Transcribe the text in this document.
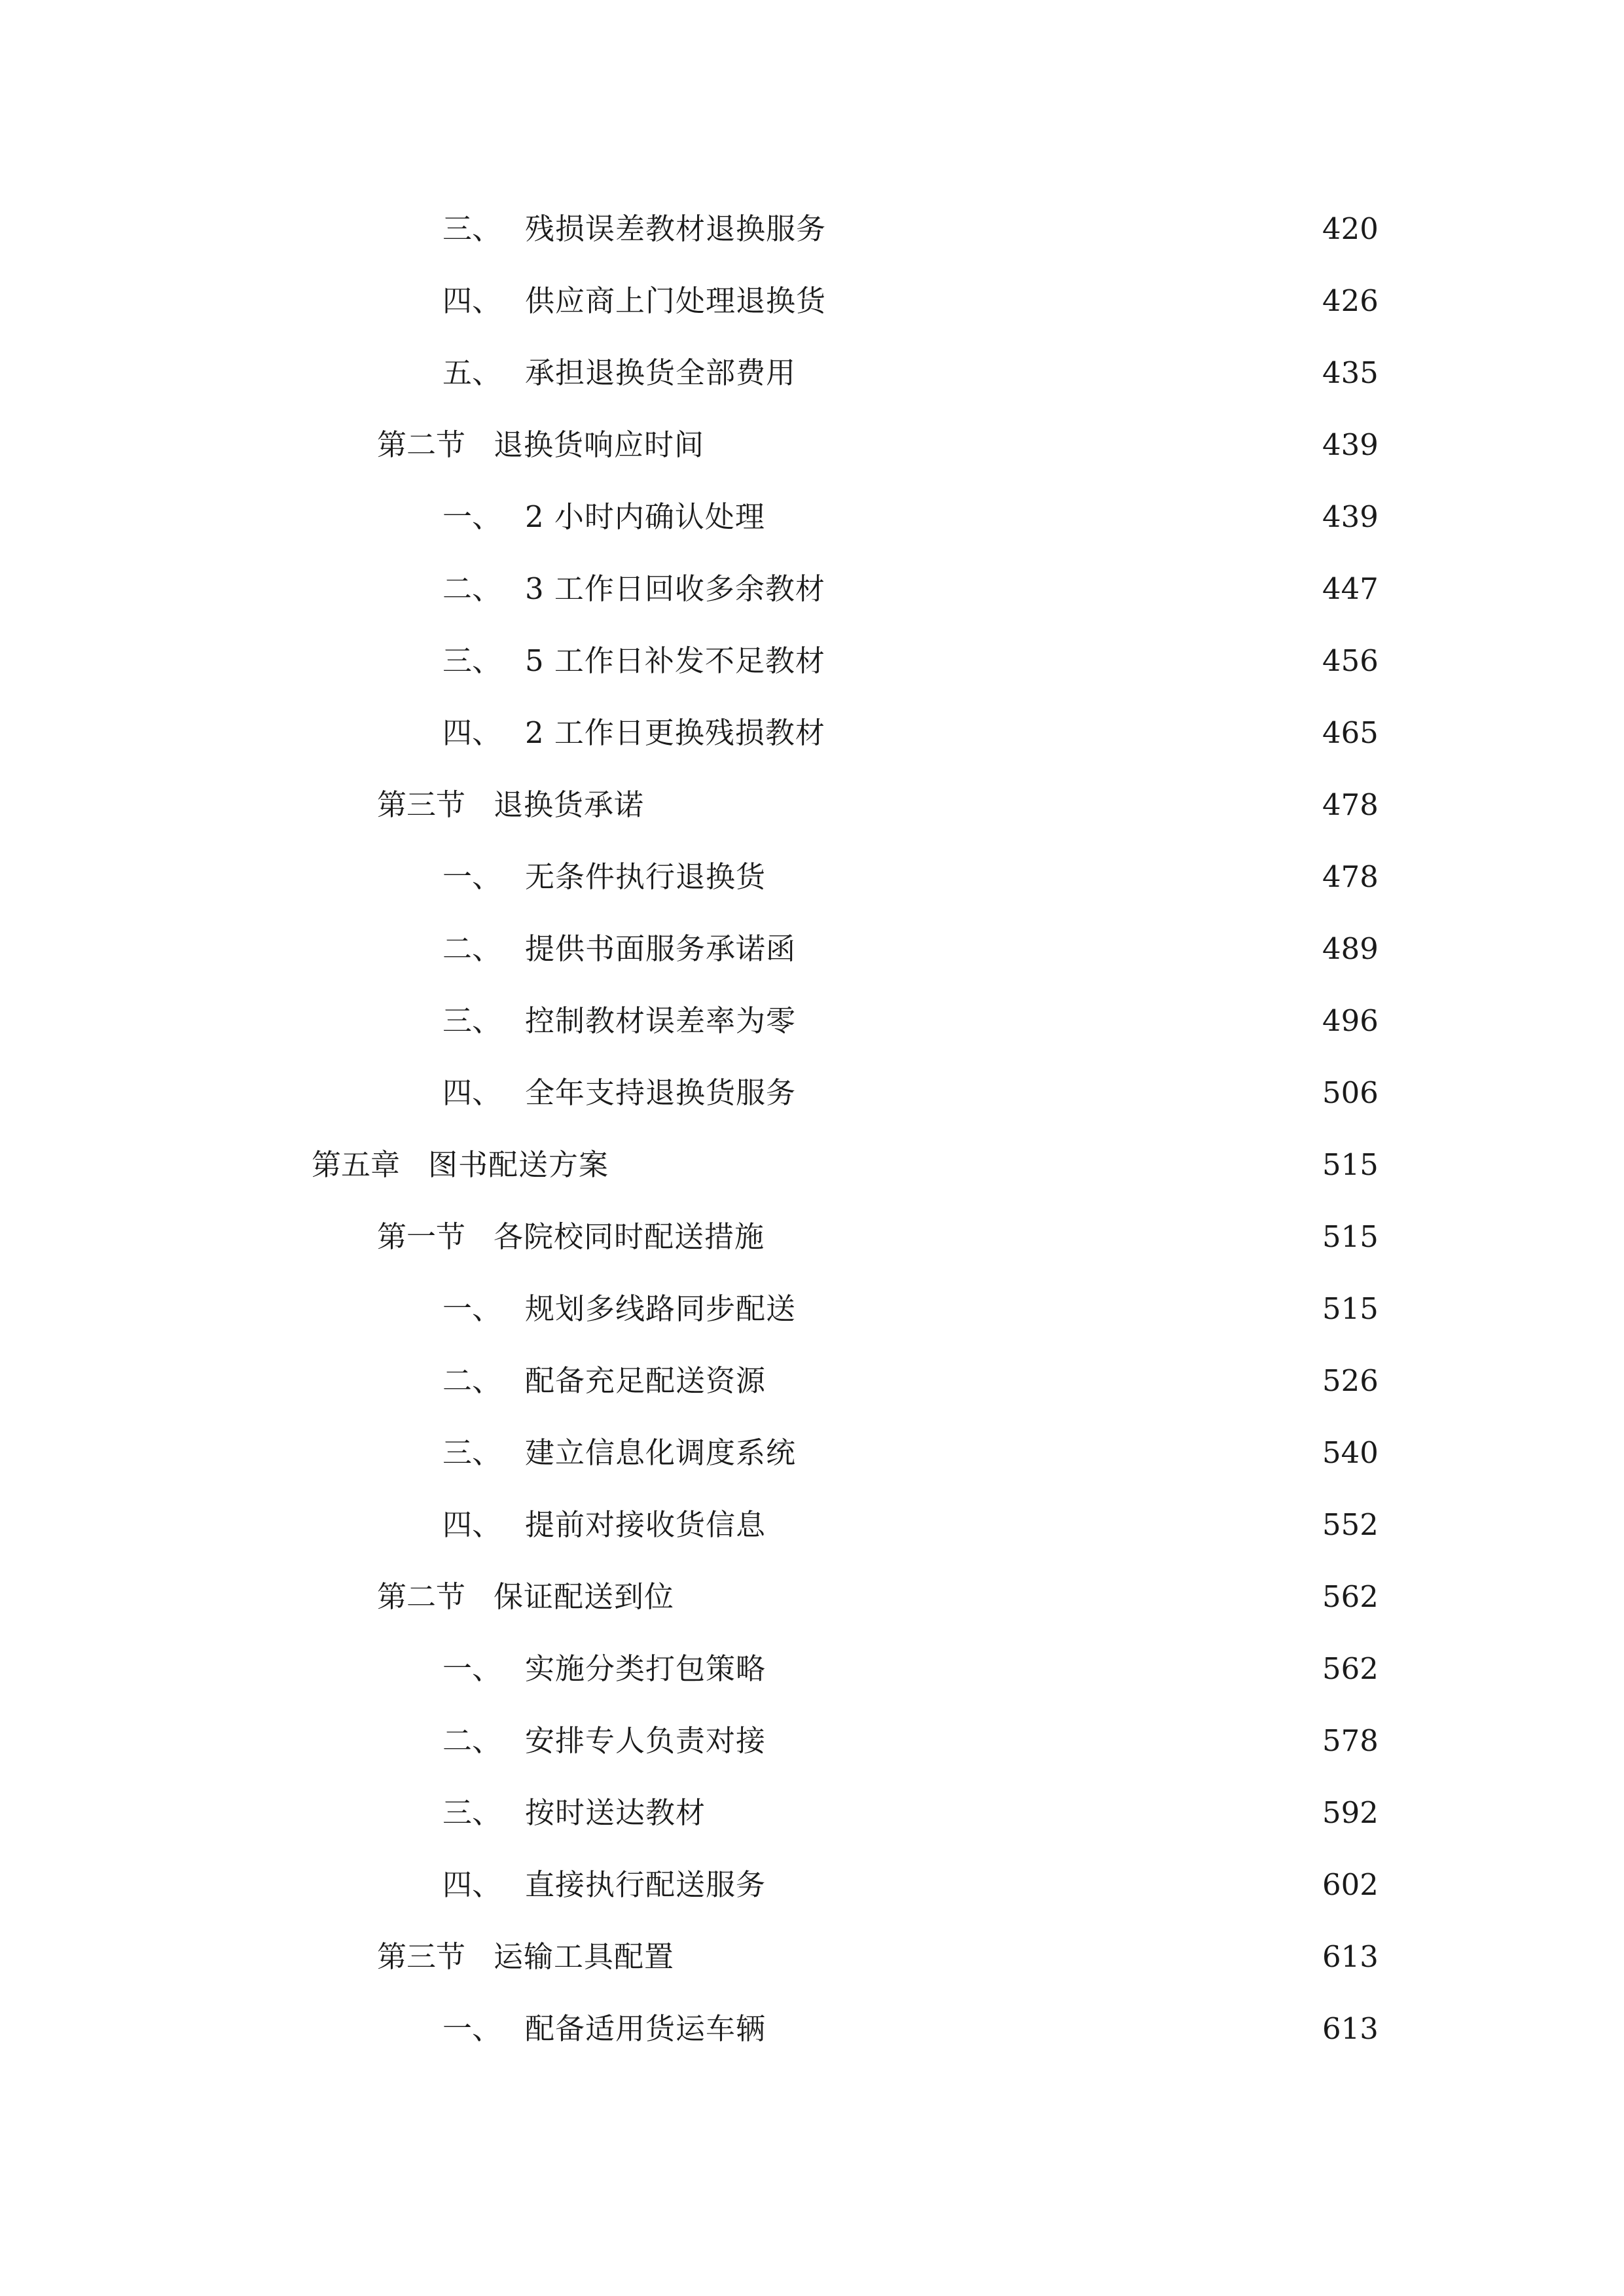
三、 残损误差教材退换服务	420
四、 供应商上门处理退换货	426
五、 承担退换货全部费用	435
第二节 退换货响应时间	439
一、 2 小时内确认处理	439
二、 3 工作日回收多余教材	447
三、 5 工作日补发不足教材	456
四、 2 工作日更换残损教材	465
第三节 退换货承诺	478
一、 无条件执行退换货	478
二、 提供书面服务承诺函	489
三、 控制教材误差率为零	496
四、 全年支持退换货服务	506
第五章 图书配送方案	515
第一节 各院校同时配送措施	515
一、 规划多线路同步配送	515
二、 配备充足配送资源	526
三、 建立信息化调度系统	540
四、 提前对接收货信息	552
第二节 保证配送到位	562
一、 实施分类打包策略	562
二、 安排专人负责对接	578
三、 按时送达教材	592
四、 直接执行配送服务	602
第三节 运输工具配置	613
一、 配备适用货运车辆	613
